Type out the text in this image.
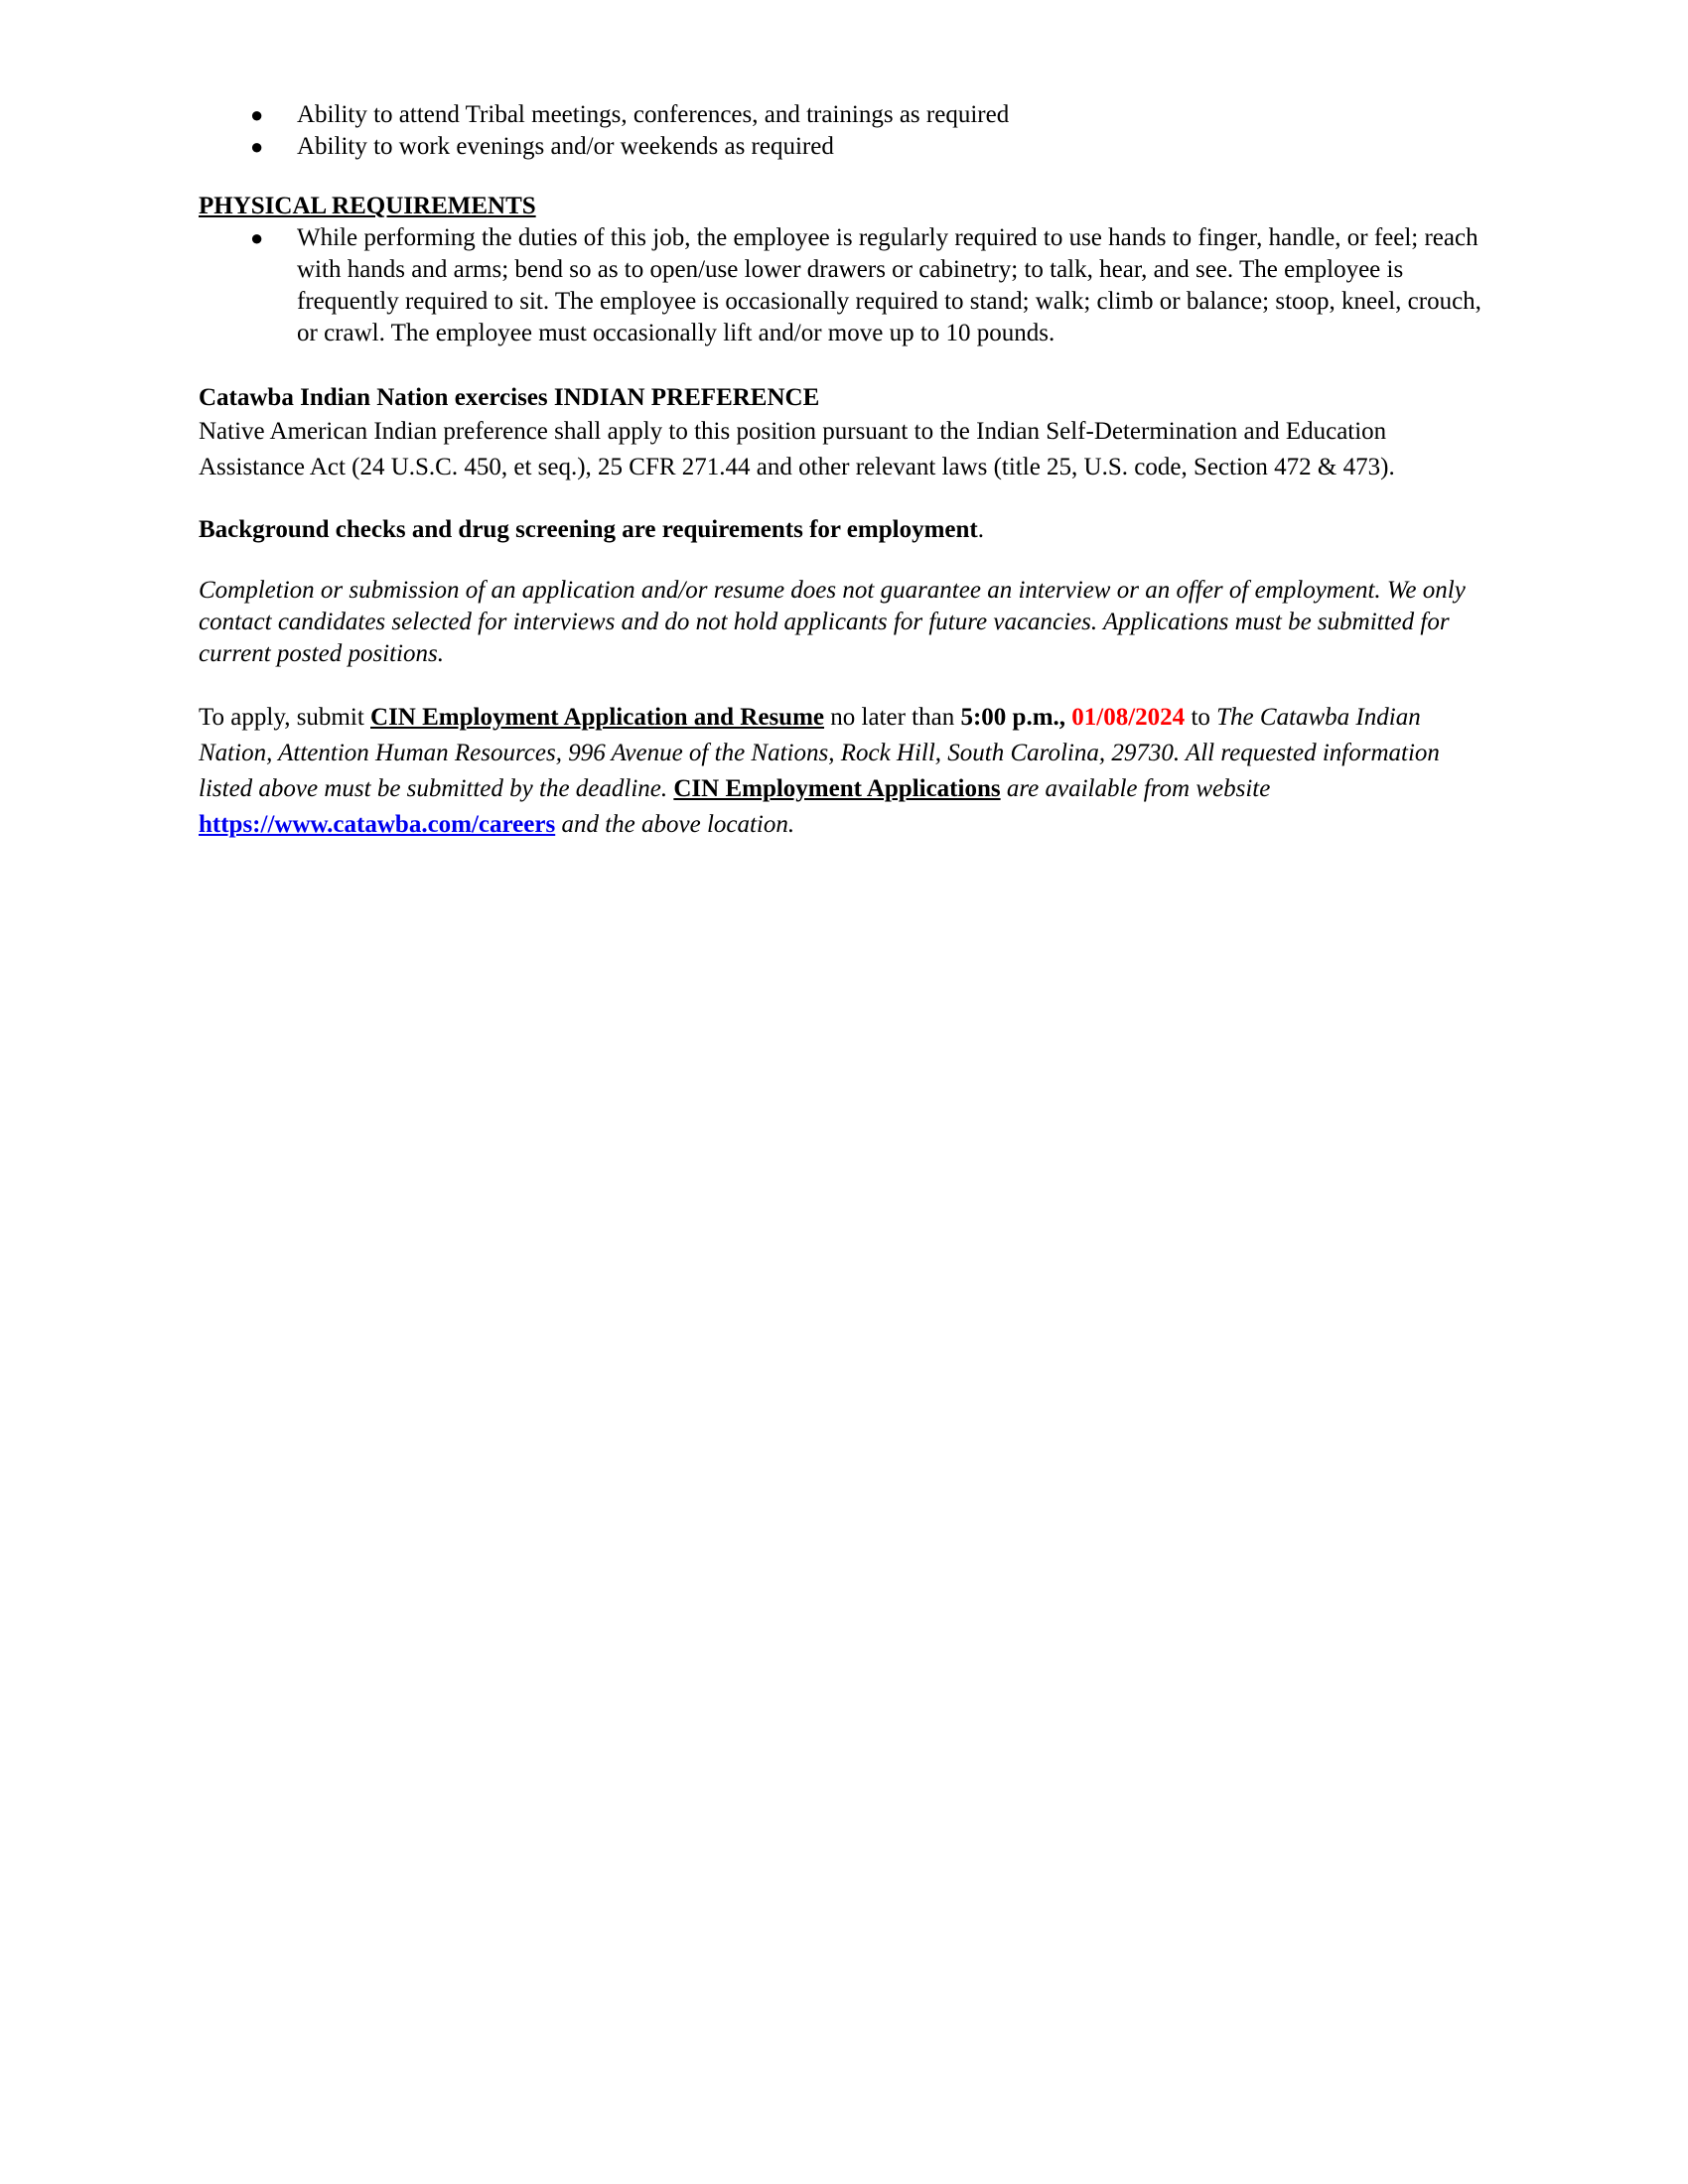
● Ability to attend Tribal meetings, conferences, and trainings as required
● Ability to work evenings and/or weekends as required
PHYSICAL REQUIREMENTS
● While performing the duties of this job, the employee is regularly required to use hands to finger, handle, or feel; reach with hands and arms; bend so as to open/use lower drawers or cabinetry; to talk, hear, and see. The employee is frequently required to sit. The employee is occasionally required to stand; walk; climb or balance; stoop, kneel, crouch, or crawl. The employee must occasionally lift and/or move up to 10 pounds.
Catawba Indian Nation exercises INDIAN PREFERENCE
Native American Indian preference shall apply to this position pursuant to the Indian Self-Determination and Education Assistance Act (24 U.S.C. 450, et seq.), 25 CFR 271.44 and other relevant laws (title 25, U.S. code, Section 472 & 473).
Background checks and drug screening are requirements for employment.
Completion or submission of an application and/or resume does not guarantee an interview or an offer of employment. We only contact candidates selected for interviews and do not hold applicants for future vacancies. Applications must be submitted for current posted positions.
To apply, submit CIN Employment Application and Resume no later than 5:00 p.m., 01/08/2024 to The Catawba Indian Nation, Attention Human Resources, 996 Avenue of the Nations, Rock Hill, South Carolina, 29730. All requested information listed above must be submitted by the deadline. CIN Employment Applications are available from website https://www.catawba.com/careers and the above location.
